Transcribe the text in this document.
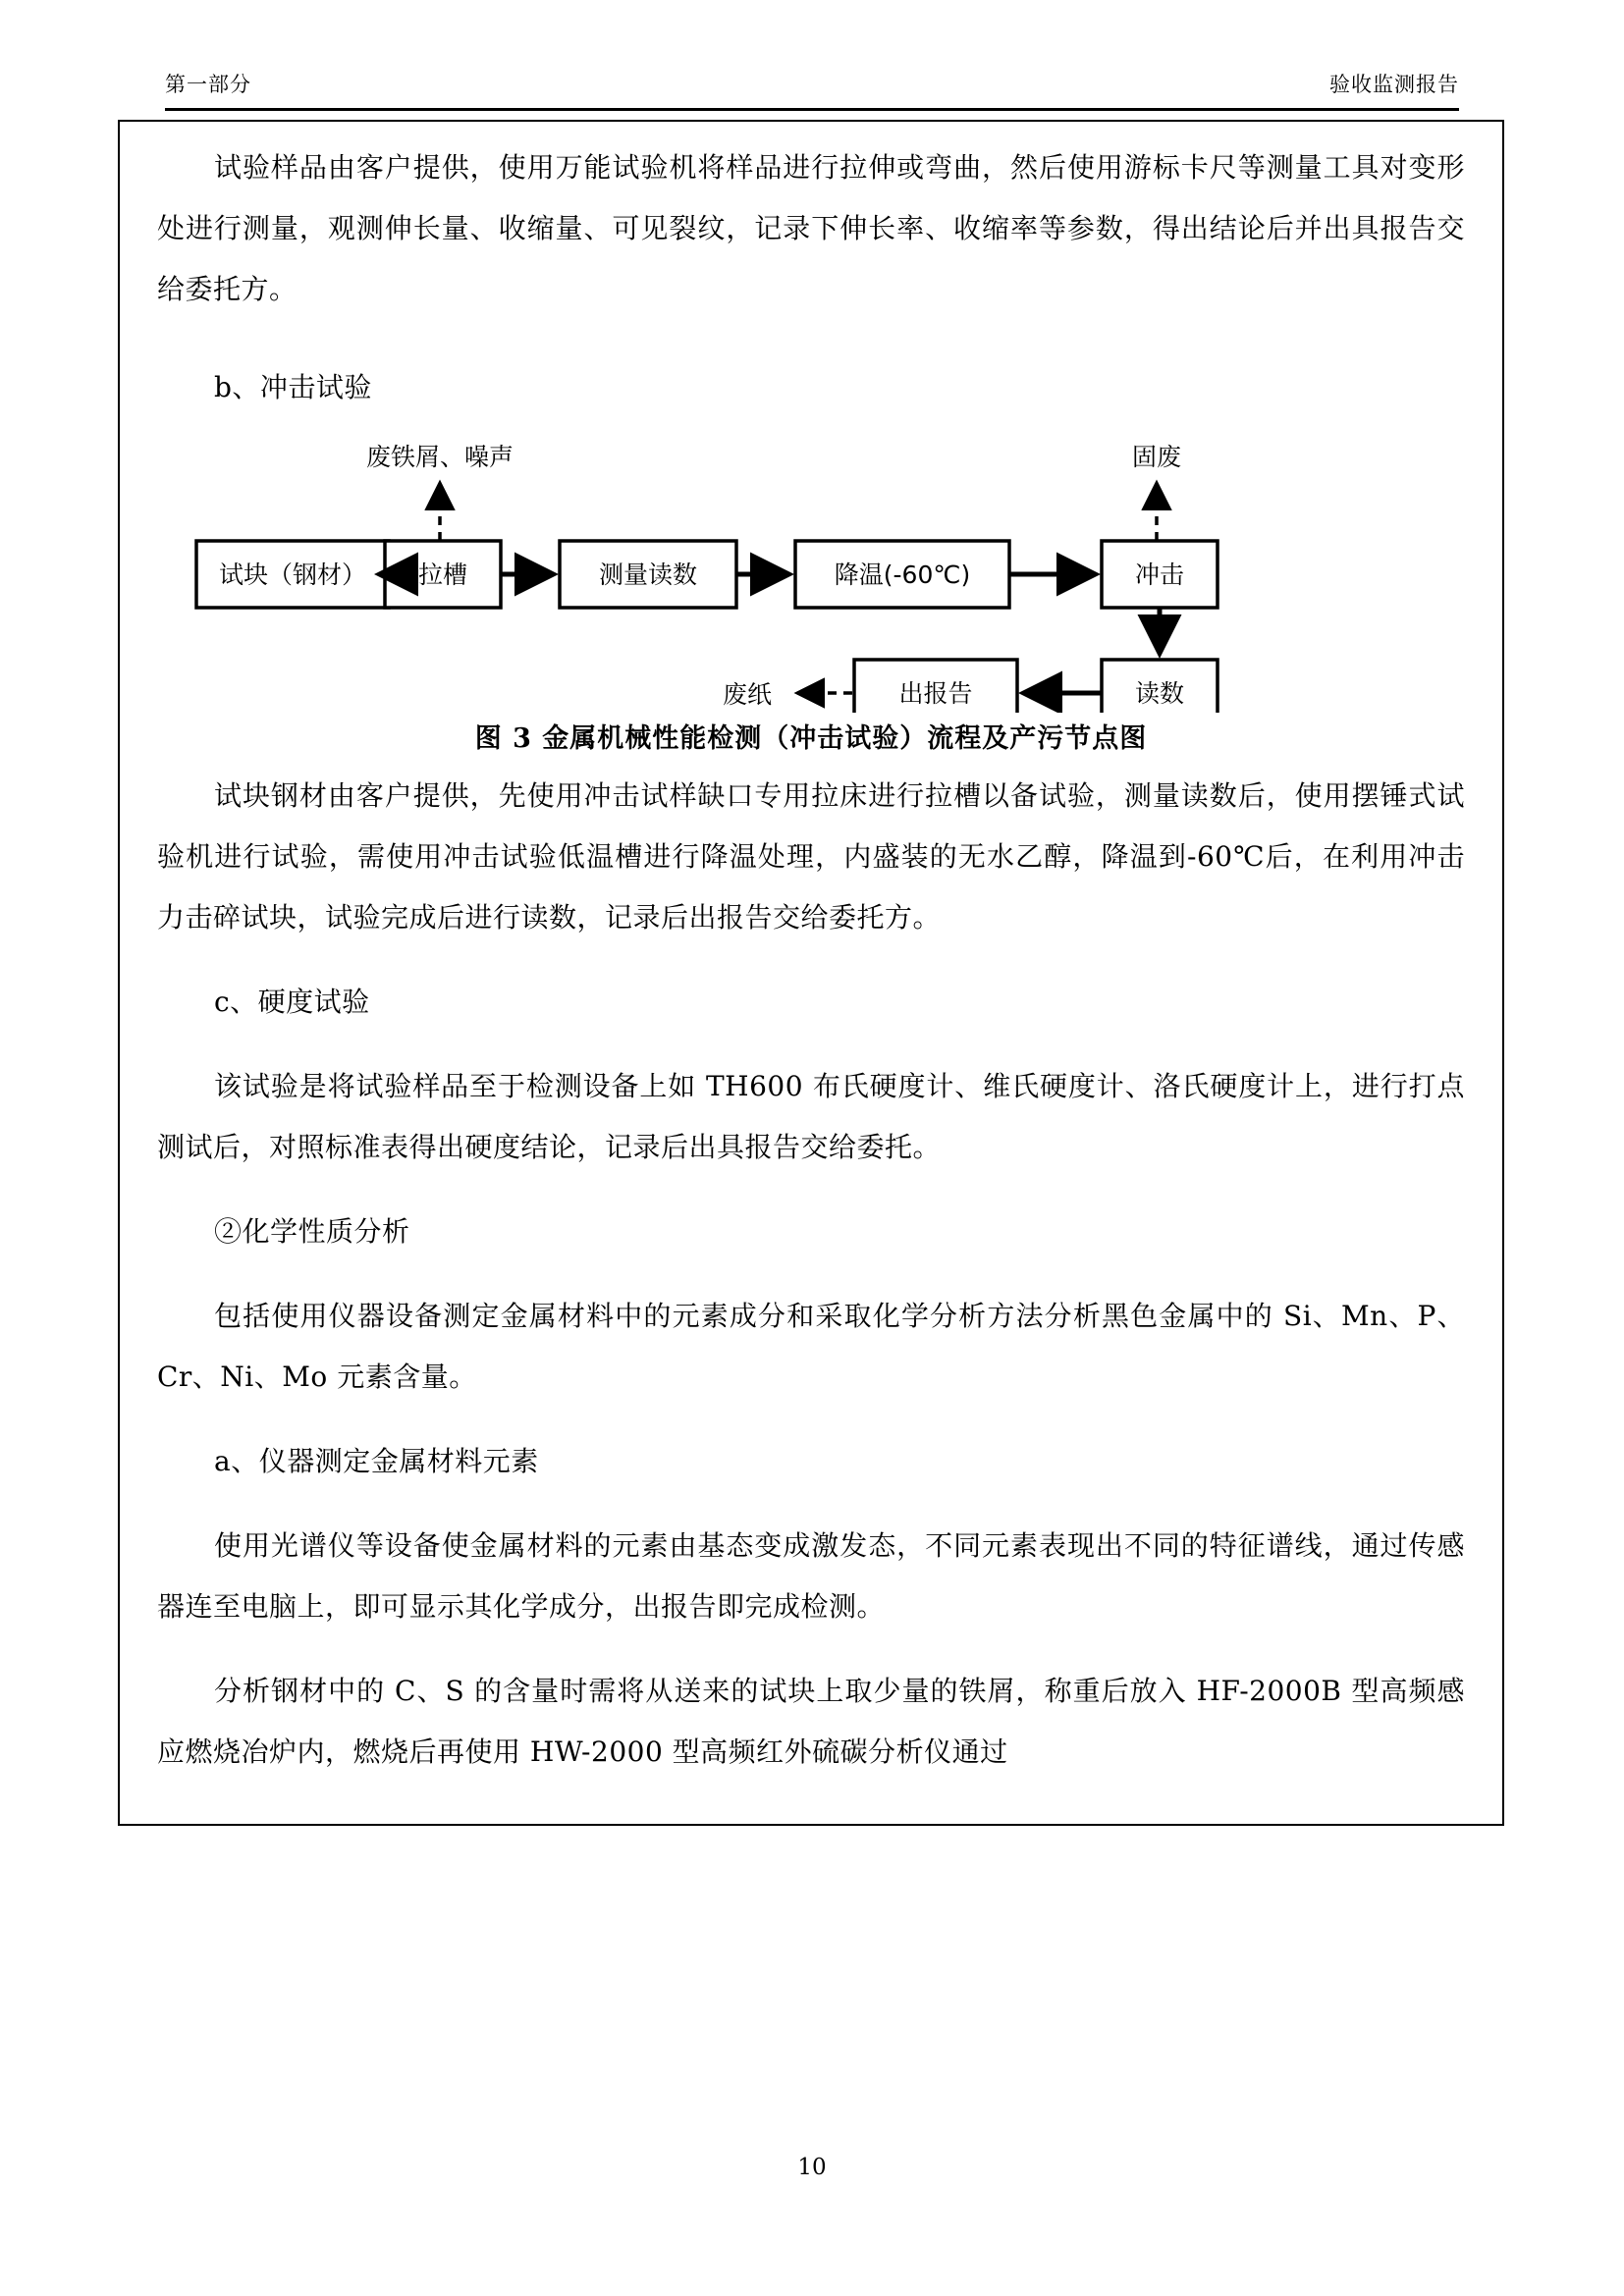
第一部分	验收监测报告

试验样品由客户提供，使用万能试验机将样品进行拉伸或弯曲，然后使用游标卡尺等测量工具对变形处进行测量，观测伸长量、收缩量、可见裂纹，记录下伸长率、收缩率等参数，得出结论后并出具报告交给委托方。

b、冲击试验

废铁屑、噪声	固废
试块（钢材） 拉槽	测量读数	降温(-60℃)	冲击
读数
出报告
废纸

图 3 金属机械性能检测（冲击试验）流程及产污节点图

试块钢材由客户提供，先使用冲击试样缺口专用拉床进行拉槽以备试验，测量读数后，使用摆锤式试验机进行试验，需使用冲击试验低温槽进行降温处理，内盛装的无水乙醇，降温到-60℃后，在利用冲击力击碎试块，试验完成后进行读数，记录后出报告交给委托方。

c、硬度试验

该试验是将试验样品至于检测设备上如 TH600 布氏硬度计、维氏硬度计、洛氏硬度计上，进行打点测试后，对照标准表得出硬度结论，记录后出具报告交给委托。

②化学性质分析

包括使用仪器设备测定金属材料中的元素成分和采取化学分析方法分析黑色金属中的 Si、Mn、P、Cr、Ni、Mo 元素含量。

a、仪器测定金属材料元素

使用光谱仪等设备使金属材料的元素由基态变成激发态，不同元素表现出不同的特征谱线，通过传感器连至电脑上，即可显示其化学成分，出报告即完成检测。

分析钢材中的 C、S 的含量时需将从送来的试块上取少量的铁屑，称重后放入 HF-2000B 型高频感应燃烧冶炉内，燃烧后再使用 HW-2000 型高频红外硫碳分析仪通过

10
